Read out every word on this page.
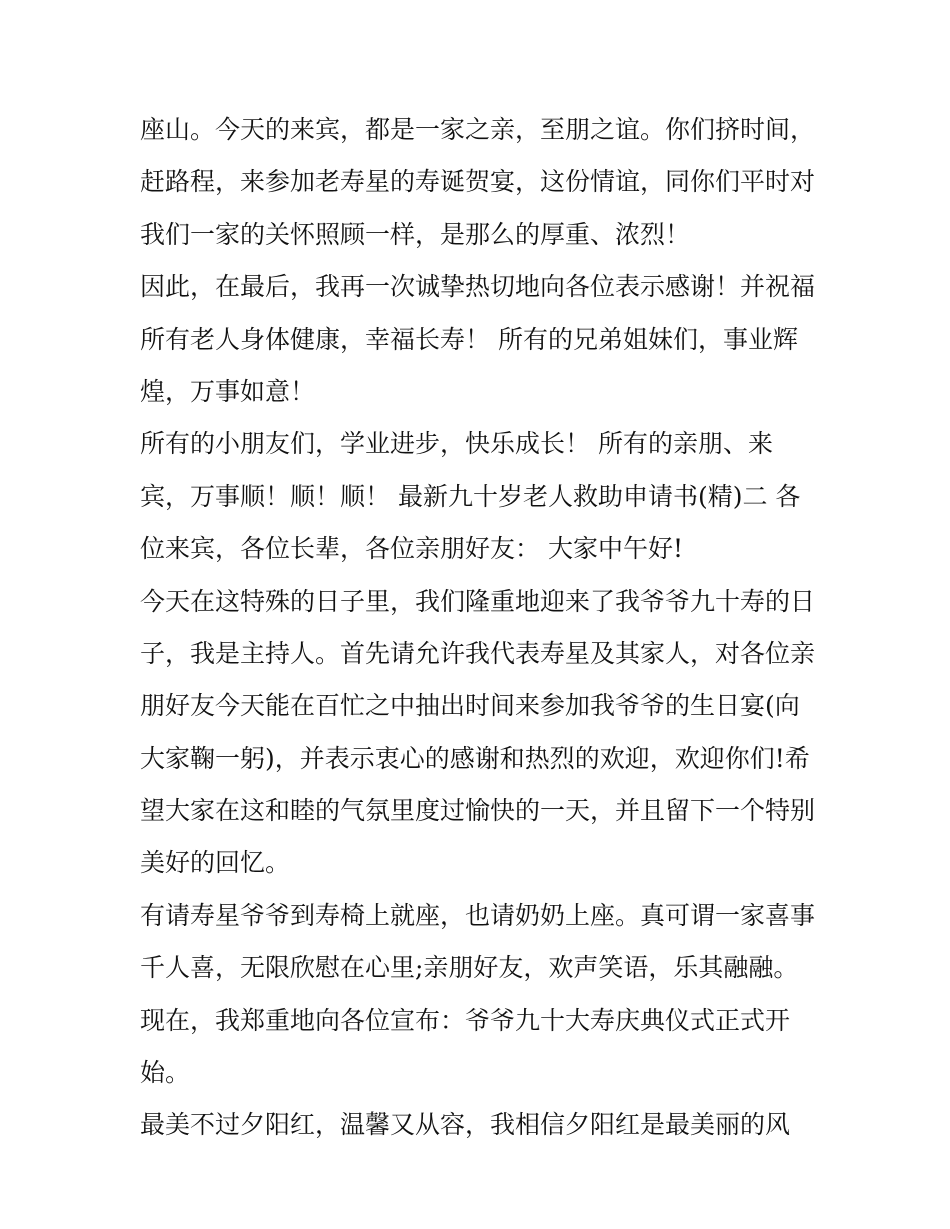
座山。今天的来宾，都是一家之亲，至朋之谊。你们挤时间，
赶路程，来参加老寿星的寿诞贺宴，这份情谊，同你们平时对
我们一家的关怀照顾一样，是那么的厚重、浓烈！
因此，在最后，我再一次诚挚热切地向各位表示感谢！并祝福
所有老人身体健康，幸福长寿！ 所有的兄弟姐妹们，事业辉
煌，万事如意！
所有的小朋友们，学业进步，快乐成长！ 所有的亲朋、来
宾，万事顺！顺！顺！ 最新九十岁老人救助申请书(精)二 各
位来宾，各位长辈，各位亲朋好友： 大家中午好!
今天在这特殊的日子里，我们隆重地迎来了我爷爷九十寿的日
子，我是主持人。首先请允许我代表寿星及其家人，对各位亲
朋好友今天能在百忙之中抽出时间来参加我爷爷的生日宴(向
大家鞠一躬)，并表示衷心的感谢和热烈的欢迎，欢迎你们!希
望大家在这和睦的气氛里度过愉快的一天，并且留下一个特别
美好的回忆。
有请寿星爷爷到寿椅上就座，也请奶奶上座。真可谓一家喜事
千人喜，无限欣慰在心里;亲朋好友，欢声笑语，乐其融融。
现在，我郑重地向各位宣布：爷爷九十大寿庆典仪式正式开
始。
最美不过夕阳红，温馨又从容，我相信夕阳红是最美丽的风
